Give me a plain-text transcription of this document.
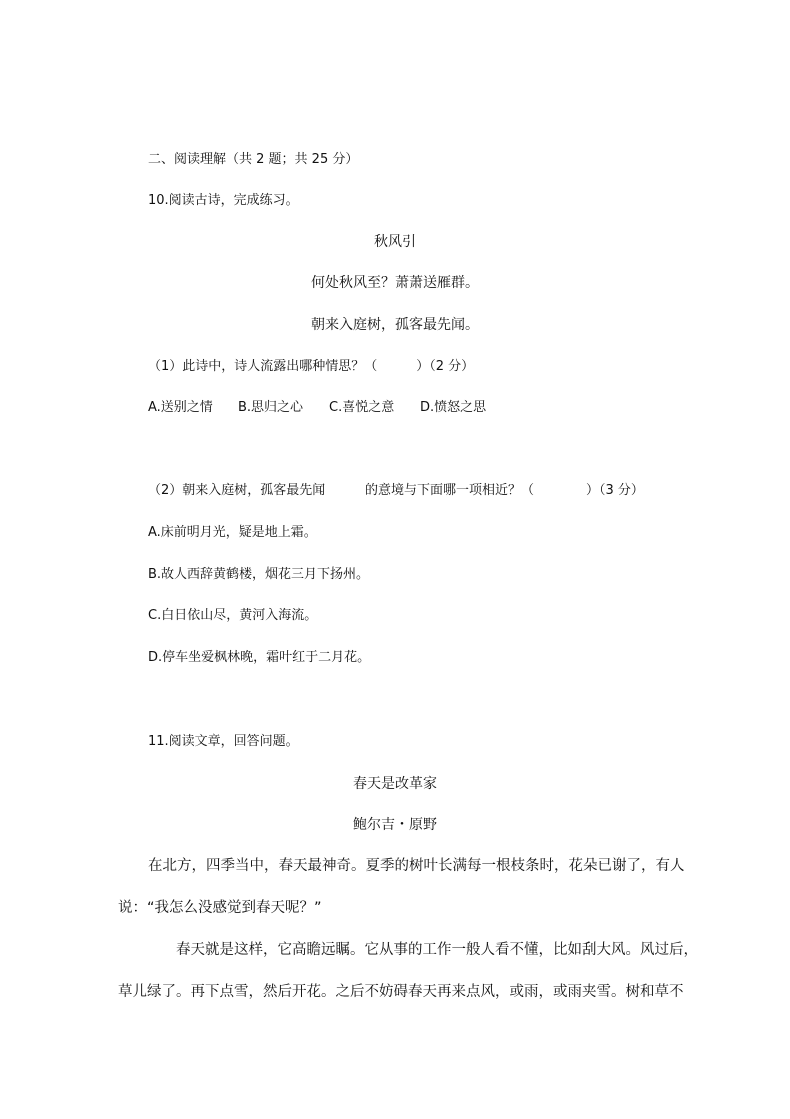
二、阅读理解（共 2 题；共 25 分）
10.阅读古诗，完成练习。
秋风引
何处秋风至？萧萧送雁群。
朝来入庭树，孤客最先闻。
（1）此诗中，诗人流露出哪种情思？（　　　）（2 分）
A.送别之情 B.思归之心 C.喜悦之意 D.愤怒之思
（2）朝来入庭树，孤客最先闻	的意境与下面哪一项相近？（　　　　）（3 分）
A.床前明月光，疑是地上霜。
B.故人西辞黄鹤楼，烟花三月下扬州。
C.白日依山尽，黄河入海流。
D.停车坐爱枫林晚，霜叶红于二月花。
11.阅读文章，回答问题。
春天是改革家
鲍尔吉・原野
在北方，四季当中，春天最神奇。夏季的树叶长满每一根枝条时，花朵已谢了，有人
说：“我怎么没感觉到春天呢？”
春天就是这样，它高瞻远瞩。它从事的工作一般人看不懂，比如刮大风。风过后，
草儿绿了。再下点雪，然后开花。之后不妨碍春天再来点风，或雨，或雨夹雪。树和草不
